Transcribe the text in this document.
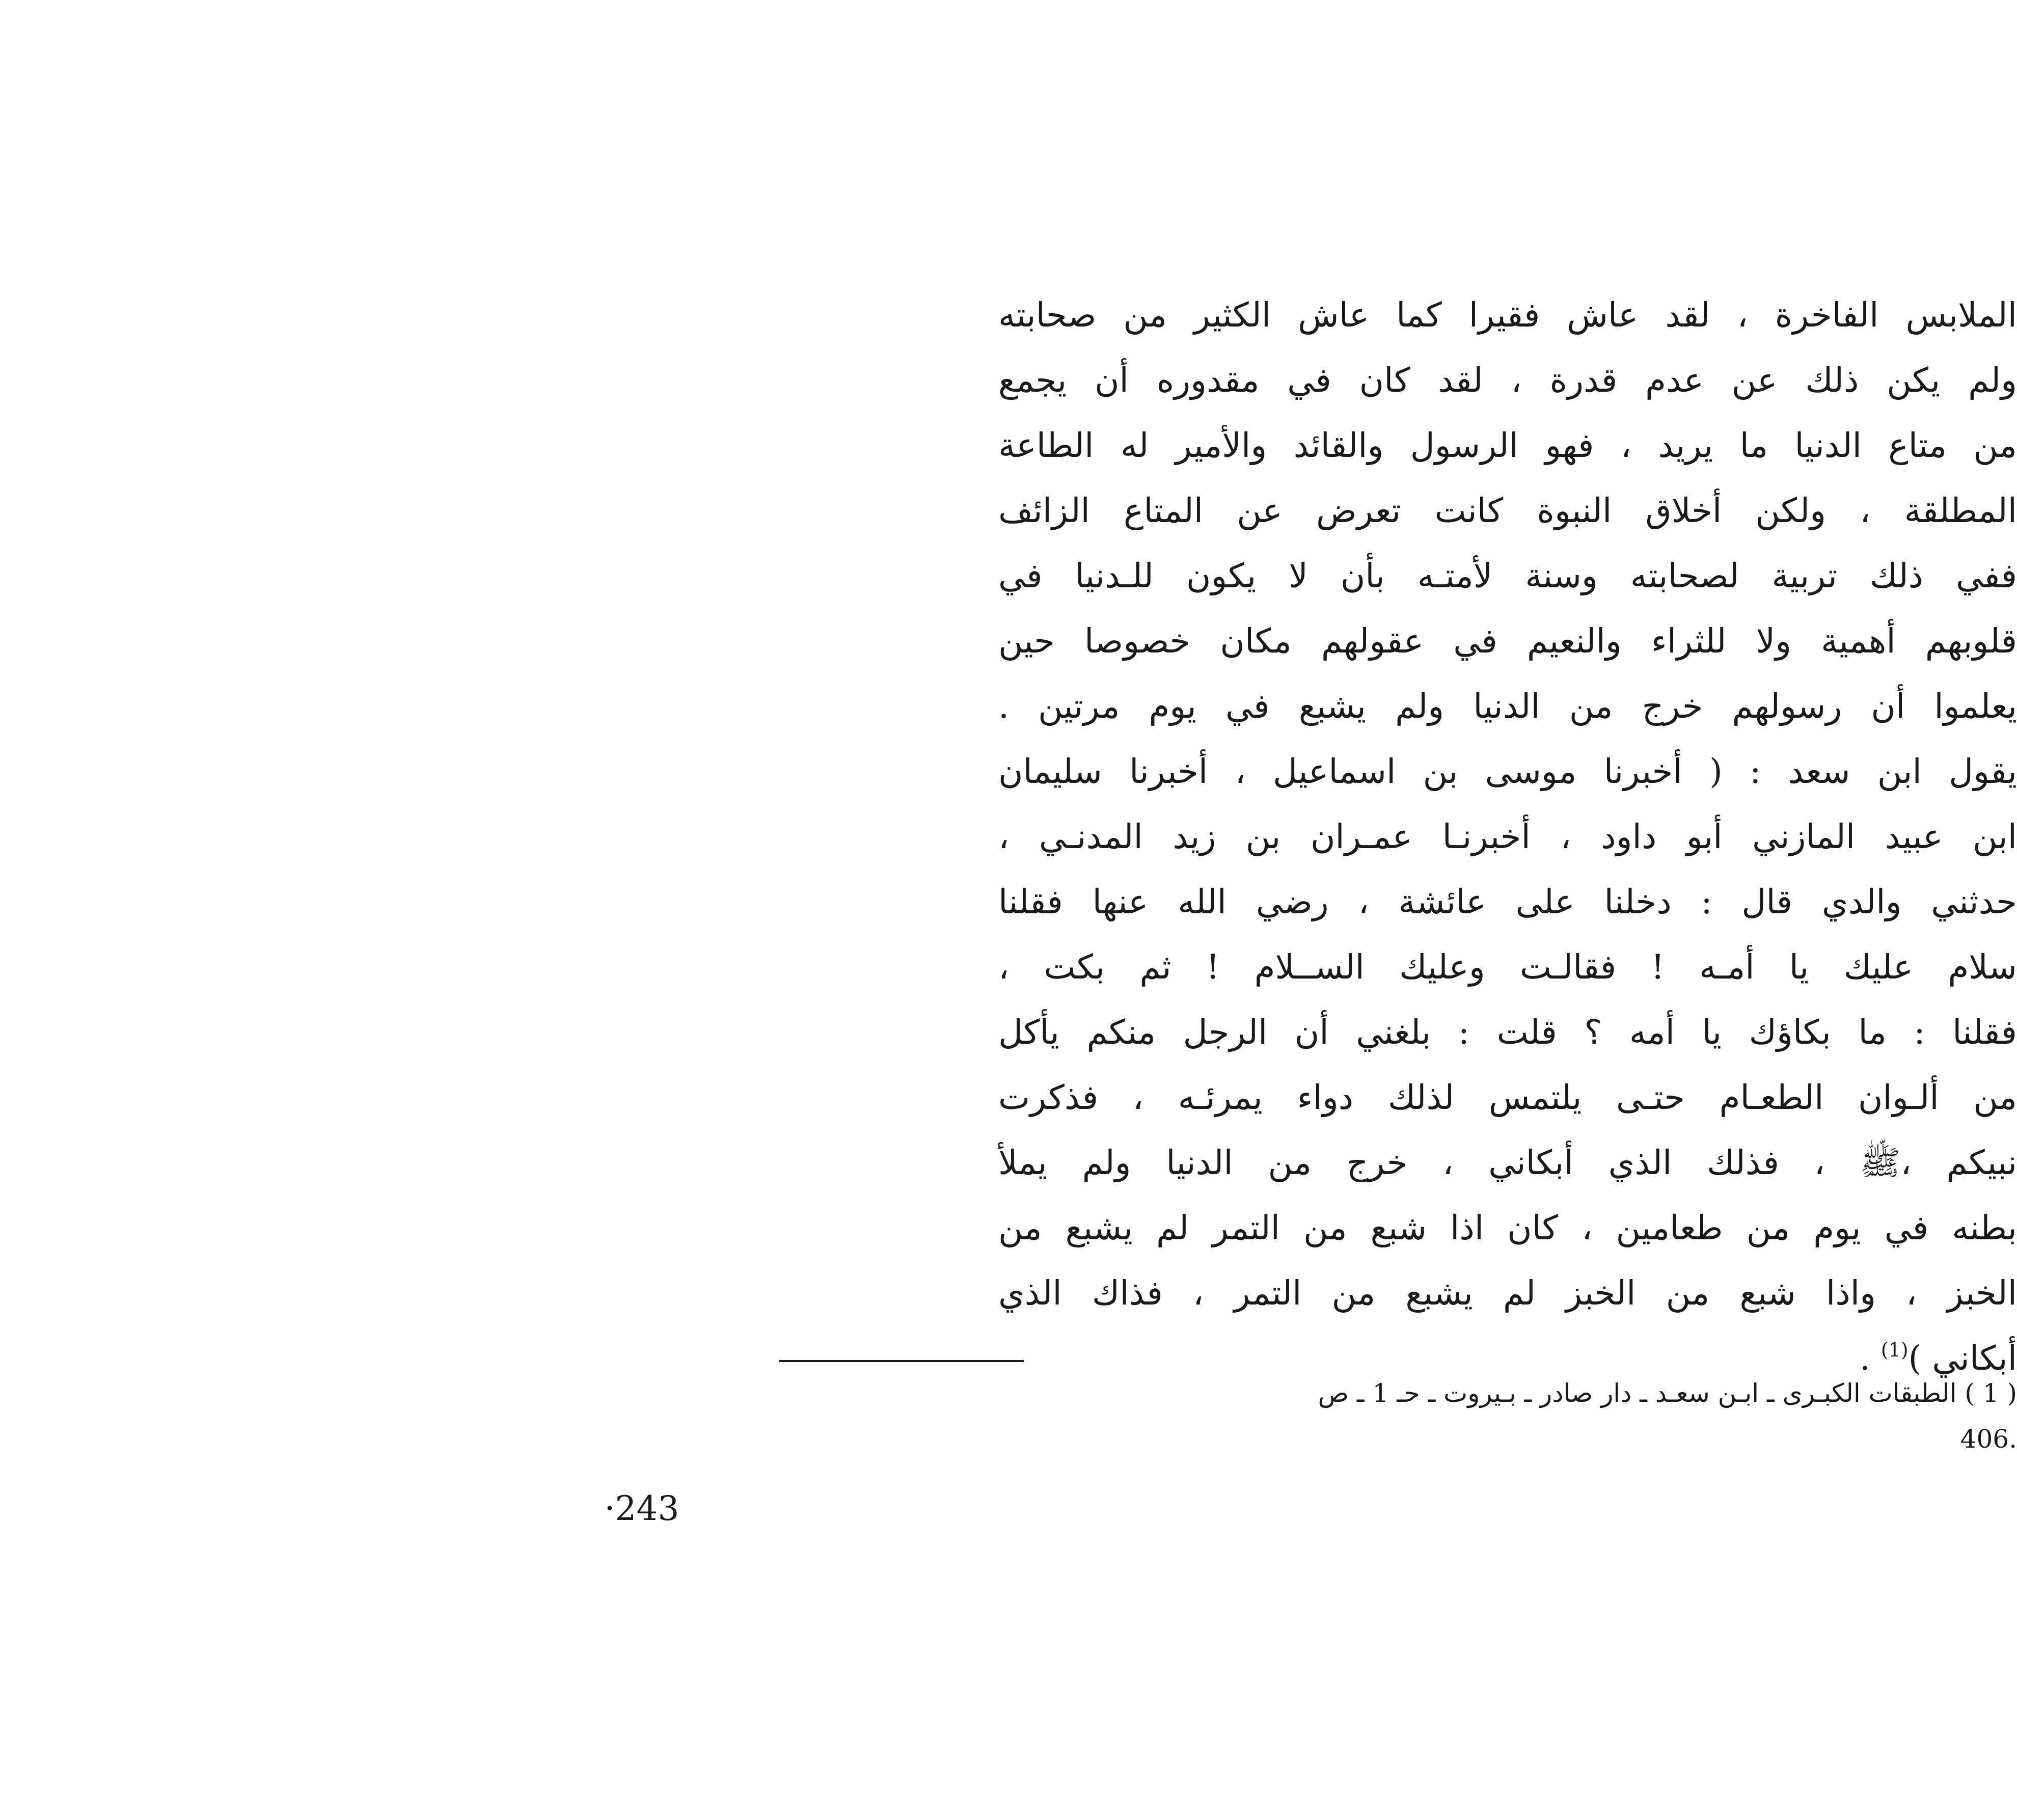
الملابس الفاخرة ، لقد عاش فقيرا كما عاش الكثير من صحابته
ولم يكن ذلك عن عدم قدرة ، لقد كان في مقدوره أن يجمع
من متاع الدنيا ما يريد ، فهو الرسول والقائد والأمير له الطاعة
المطلقة ، ولكن أخلاق النبوة كانت تعرض عن المتاع الزائف
ففي ذلك تربية لصحابته وسنة لأمتـه بأن لا يكون للـدنيا في
قلوبهم أهمية ولا للثراء والنعيم في عقولهم مكان خصوصا حين
يعلموا أن رسولهم خرج من الدنيا ولم يشبع في يوم مرتين .
يقول ابن سعد : ( أخبرنا موسى بن اسماعيل ، أخبرنا سليمان
ابن عبيد المازني أبو داود ، أخبرنـا عمـران بن زيد المدنـي ،
حدثني والدي قال : دخلنا على عائشة ، رضي الله عنها فقلنا
سلام عليك يا أمـه ! فقالـت وعليك الســلام ! ثم بكت ،
فقلنا : ما بكاؤك يا أمه ؟ قلت : بلغني أن الرجل منكم يأكل
من ألـوان الطعـام حتـى يلتمس لذلك دواء يمرئـه ، فذكرت
نبيكم ،ﷺ ، فذلك الذي أبكاني ، خرج من الدنيا ولم يملأ
بطنه في يوم من طعامين ، كان اذا شبع من التمر لم يشبع من
الخبز ، واذا شبع من الخبز لم يشبع من التمر ، فذاك الذي
أبكاني )$^{(1)}$ .
( 1 ) الطبقات الكبـرى ـ ابـن سعـد ـ دار صادر ـ بـيروت ـ حـ 1 ـ ص
.406
·243
